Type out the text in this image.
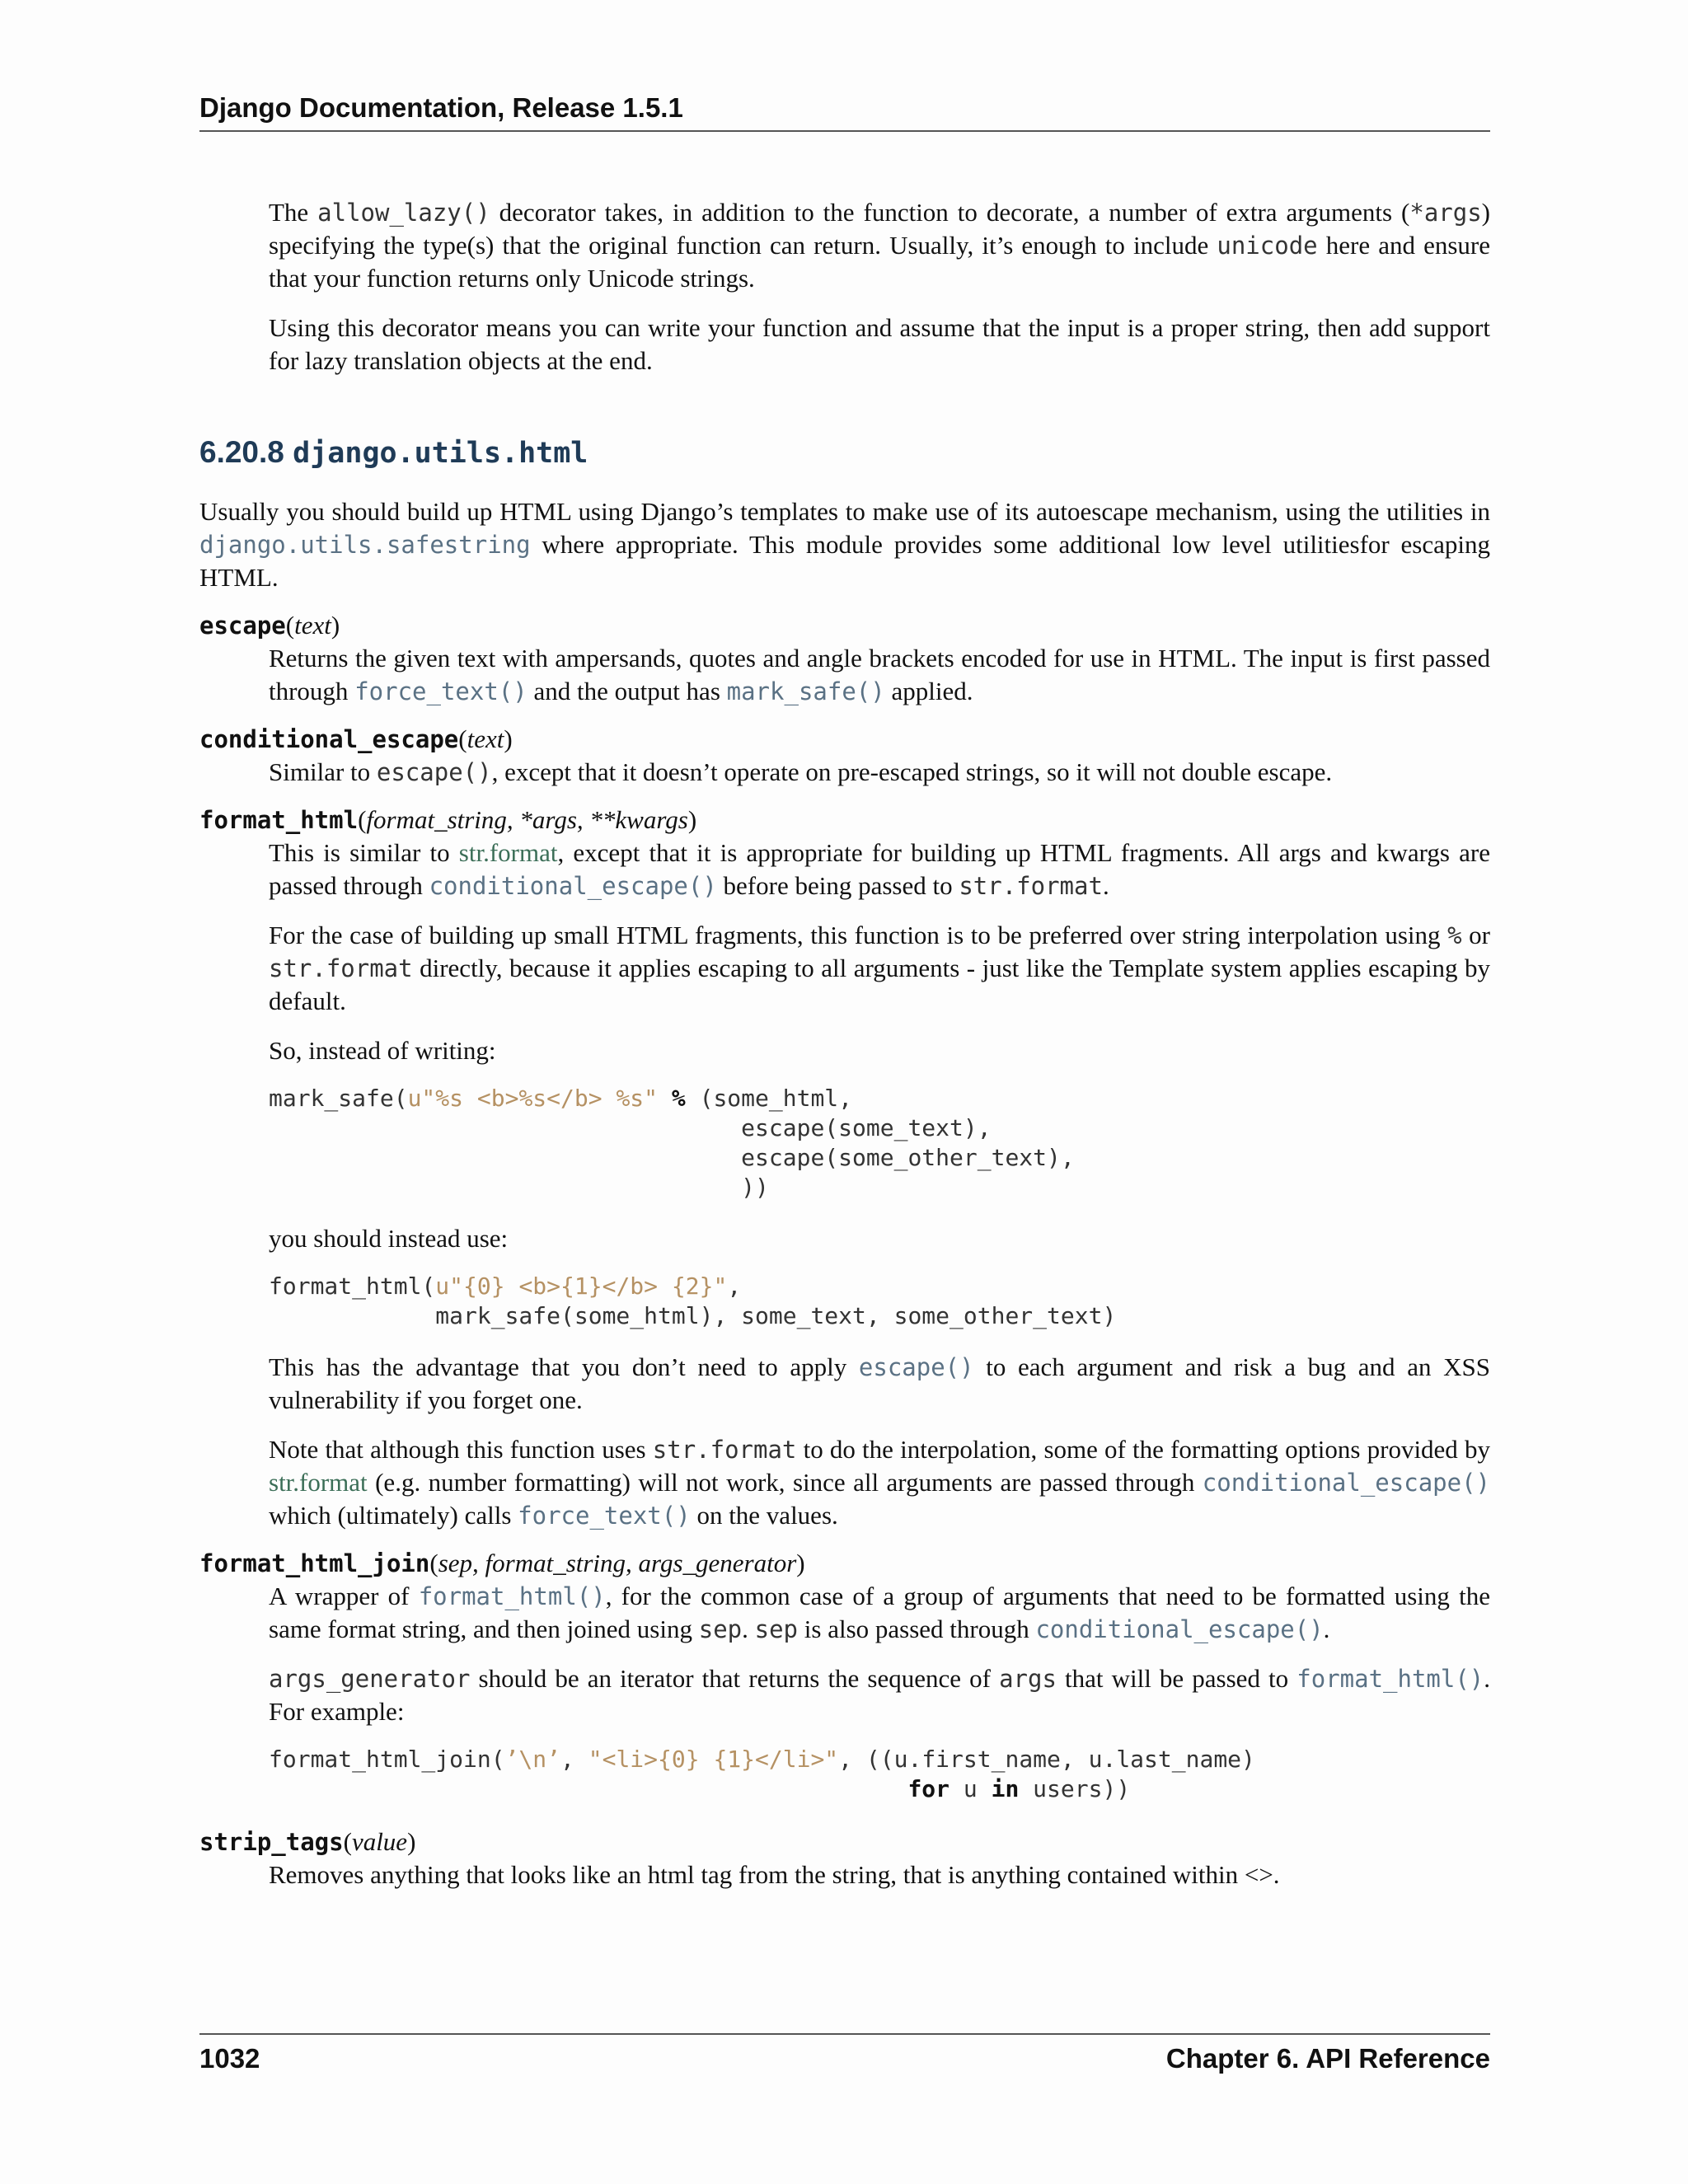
Django Documentation, Release 1.5.1

The allow_lazy() decorator takes, in addition to the function to decorate, a number of extra arguments (*args) specifying the type(s) that the original function can return. Usually, it’s enough to include unicode here and ensure that your function returns only Unicode strings.

Using this decorator means you can write your function and assume that the input is a proper string, then add support for lazy translation objects at the end.

6.20.8 django.utils.html

Usually you should build up HTML using Django’s templates to make use of its autoescape mechanism, using the utilities in django.utils.safestring where appropriate. This module provides some additional low level utilitiesfor escaping HTML.

escape(text)

Returns the given text with ampersands, quotes and angle brackets encoded for use in HTML. The input is first passed through force_text() and the output has mark_safe() applied.

conditional_escape(text)

Similar to escape(), except that it doesn’t operate on pre-escaped strings, so it will not double escape.

format_html(format_string, *args, **kwargs)

This is similar to str.format, except that it is appropriate for building up HTML fragments. All args and kwargs are passed through conditional_escape() before being passed to str.format.

For the case of building up small HTML fragments, this function is to be preferred over string interpolation using % or str.format directly, because it applies escaping to all arguments - just like the Template system applies escaping by default.

So, instead of writing:

mark_safe(u"%s <b>%s</b> %s" % (some_html,
escape(some_text),
escape(some_other_text),
))

you should instead use:

format_html(u"{0} <b>{1}</b> {2}",
mark_safe(some_html), some_text, some_other_text)

This has the advantage that you don’t need to apply escape() to each argument and risk a bug and an XSS vulnerability if you forget one.

Note that although this function uses str.format to do the interpolation, some of the formatting options provided by str.format (e.g. number formatting) will not work, since all arguments are passed through conditional_escape() which (ultimately) calls force_text() on the values.

format_html_join(sep, format_string, args_generator)

A wrapper of format_html(), for the common case of a group of arguments that need to be formatted using the same format string, and then joined using sep. sep is also passed through conditional_escape().

args_generator should be an iterator that returns the sequence of args that will be passed to format_html(). For example:

format_html_join(’\n’, "<li>{0} {1}</li>", ((u.first_name, u.last_name)
for u in users))
strip_tags(value)

Removes anything that looks like an html tag from the string, that is anything contained within <>.

1032	Chapter 6. API Reference
